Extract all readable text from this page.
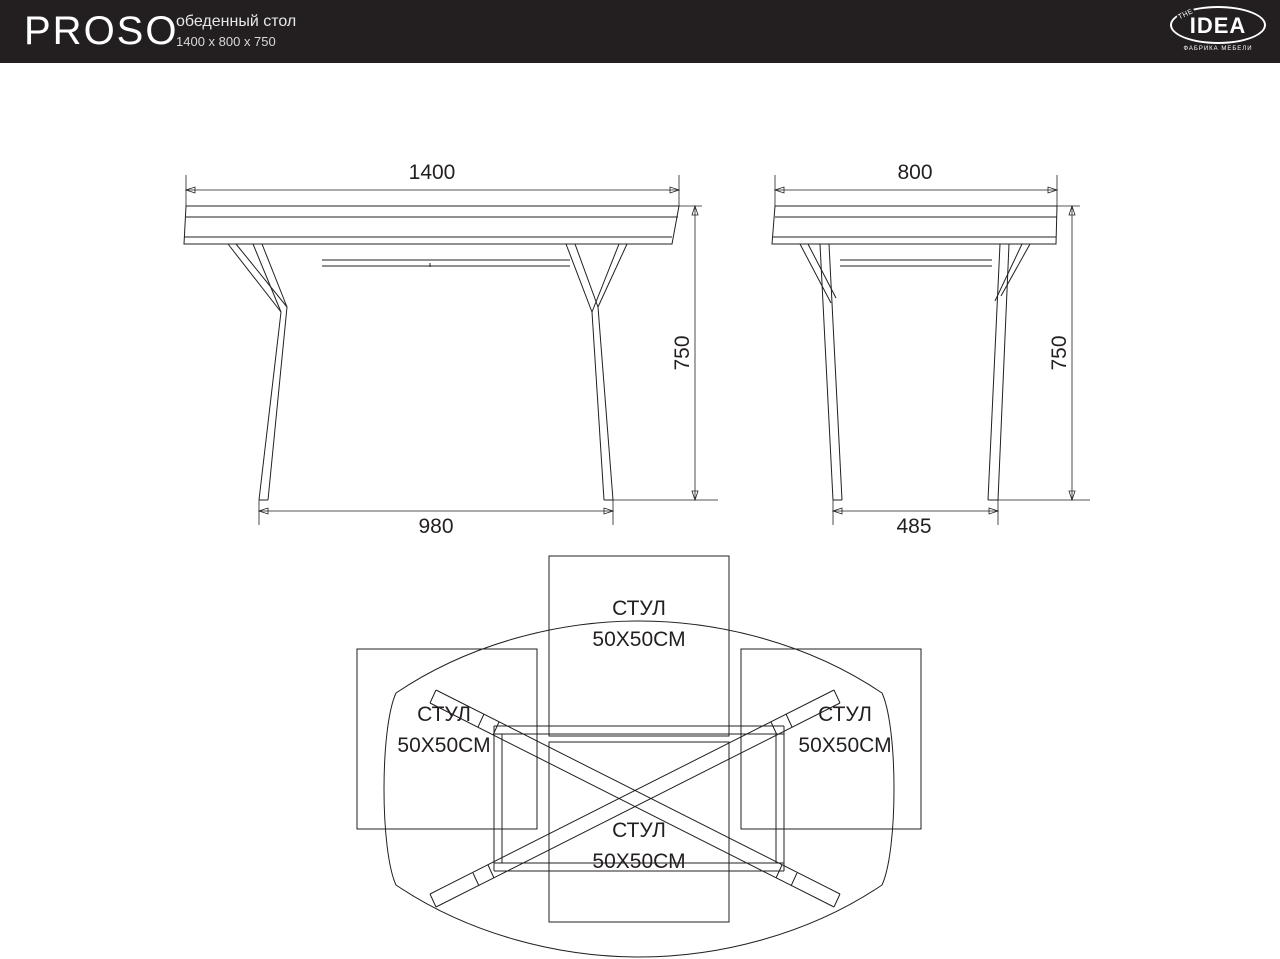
PROSO
обеденный стол
1400 x 800 x 750
THE
IDEA
ФАБРИКА МЕБЕЛИ
1400
750
980
800
750
485
СТУЛ
50X50СМ
СТУЛ
50X50СМ
СТУЛ
50X50СМ
СТУЛ
50X50СМ
